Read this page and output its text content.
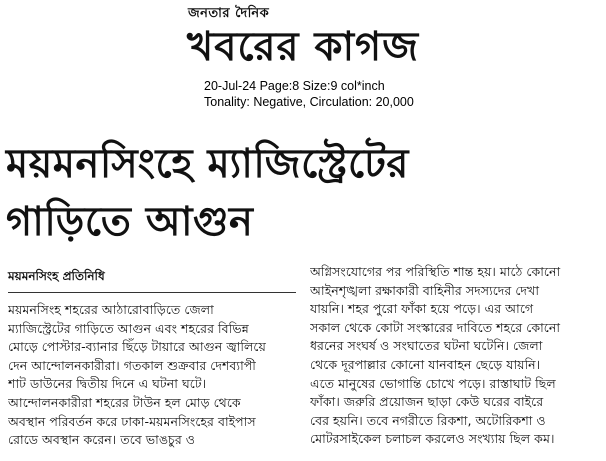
জনতার দৈনিক
খবরের কাগজ
20-Jul-24 Page:8 Size:9 col*inch
Tonality: Negative, Circulation: 20,000
ময়মনসিংহে ম্যাজিস্ট্রেটের
গাড়িতে আগুন
ময়মনসিংহ প্রতিনিধি
ময়মনসিংহ শহরের আঠারোবাড়িতে জেলা
ম্যাজিস্ট্রেটের গাড়িতে আগুন এবং শহরের বিভিন্ন
মোড়ে পোস্টার-ব্যানার ছিঁড়ে টায়ারে আগুন জ্বালিয়ে
দেন আন্দোলনকারীরা। গতকাল শুক্রবার দেশব্যাপী
শাট ডাউনের দ্বিতীয় দিনে এ ঘটনা ঘটে।
আন্দোলনকারীরা শহরের টাউন হল মোড় থেকে
অবস্থান পরিবর্তন করে ঢাকা-ময়মনসিংহের বাইপাস
রোডে অবস্থান করেন। তবে ভাঙচুর ও
অগ্নিসংযোগের পর পরিস্থিতি শান্ত হয়। মাঠে কোনো
আইনশৃঙ্খলা রক্ষাকারী বাহিনীর সদস্যদের দেখা
যায়নি। শহর পুরো ফাঁকা হয়ে পড়ে। এর আগে
সকাল থেকে কোটা সংস্কারের দাবিতে শহরে কোনো
ধরনের সংঘর্ষ ও সংঘাতের ঘটনা ঘটেনি। জেলা
থেকে দূরপাল্লার কোনো যানবাহন ছেড়ে যায়নি।
এতে মানুষের ভোগান্তি চোখে পড়ে। রাস্তাঘাট ছিল
ফাঁকা। জরুরি প্রয়োজন ছাড়া কেউ ঘরের বাইরে
বের হয়নি। তবে নগরীতে রিকশা, অটোরিকশা ও
মোটরসাইকেল চলাচল করলেও সংখ্যায় ছিল কম।
